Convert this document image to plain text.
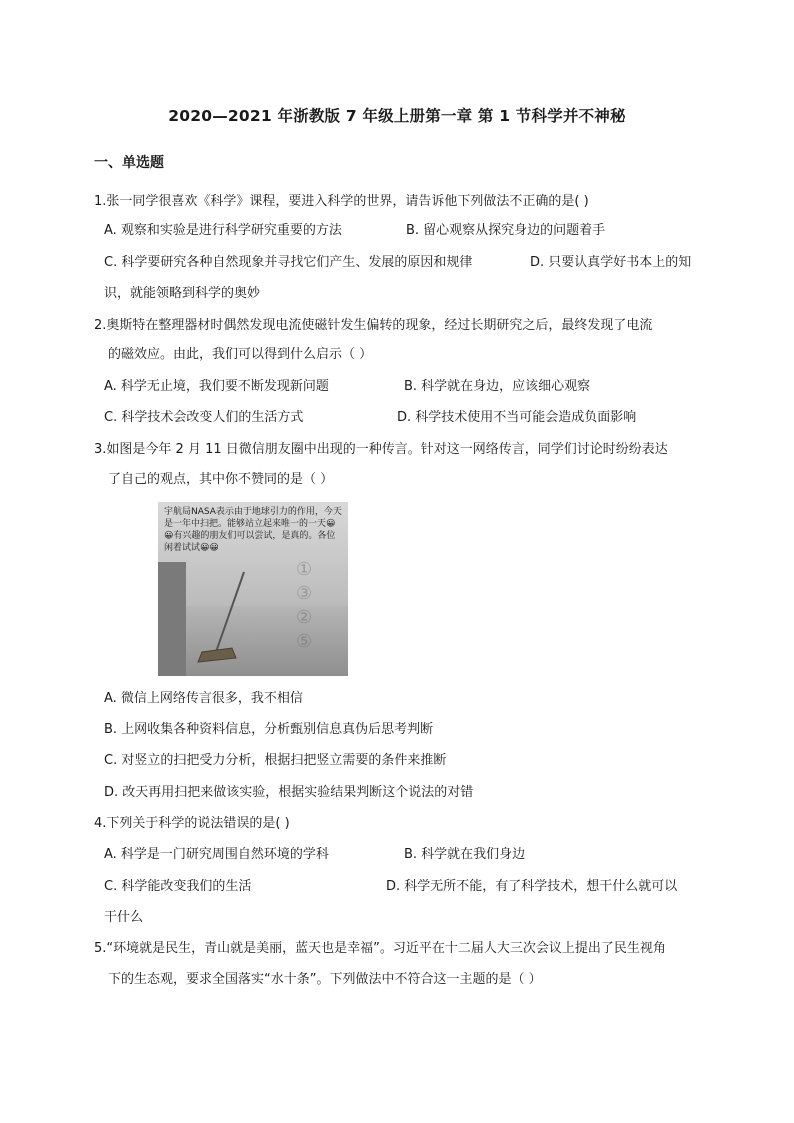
2020—2021 年浙教版 7 年级上册第一章 第 1 节科学并不神秘
一、单选题
1.张一同学很喜欢《科学》课程，要进入科学的世界，请告诉他下列做法不正确的是( )
A. 观察和实验是进行科学研究重要的方法	B. 留心观察从探究身边的问题着手
C. 科学要研究各种自然现象并寻找它们产生、发展的原因和规律	D. 只要认真学好书本上的知
识，就能领略到科学的奥妙
2.奥斯特在整理器材时偶然发现电流使磁针发生偏转的现象，经过长期研究之后，最终发现了电流
的磁效应。由此，我们可以得到什么启示（ ）
A. 科学无止境，我们要不断发现新问题	B. 科学就在身边，应该细心观察
C. 科学技术会改变人们的生活方式	D. 科学技术使用不当可能会造成负面影响
3.如图是今年 2 月 11 日微信朋友圈中出现的一种传言。针对这一网络传言，同学们讨论时纷纷表达
了自己的观点，其中你不赞同的是（ ）
①
③
②
⑤
宇航局NASA表示由于地球引力的作用，今天是一年中扫把。能够站立起来唯一的一天😀😀有兴趣的朋友们可以尝试，是真的。各位闲着试试😀😀
A. 微信上网络传言很多，我不相信
B. 上网收集各种资料信息，分析甄别信息真伪后思考判断
C. 对竖立的扫把受力分析，根据扫把竖立需要的条件来推断
D. 改天再用扫把来做该实验，根据实验结果判断这个说法的对错
4.下列关于科学的说法错误的是( )
A. 科学是一门研究周围自然环境的学科	B. 科学就在我们身边
C. 科学能改变我们的生活	D. 科学无所不能，有了科学技术，想干什么就可以
干什么
5.“环境就是民生，青山就是美丽，蓝天也是幸福”。习近平在十二届人大三次会议上提出了民生视角
下的生态观，要求全国落实“水十条”。下列做法中不符合这一主题的是（ ）
